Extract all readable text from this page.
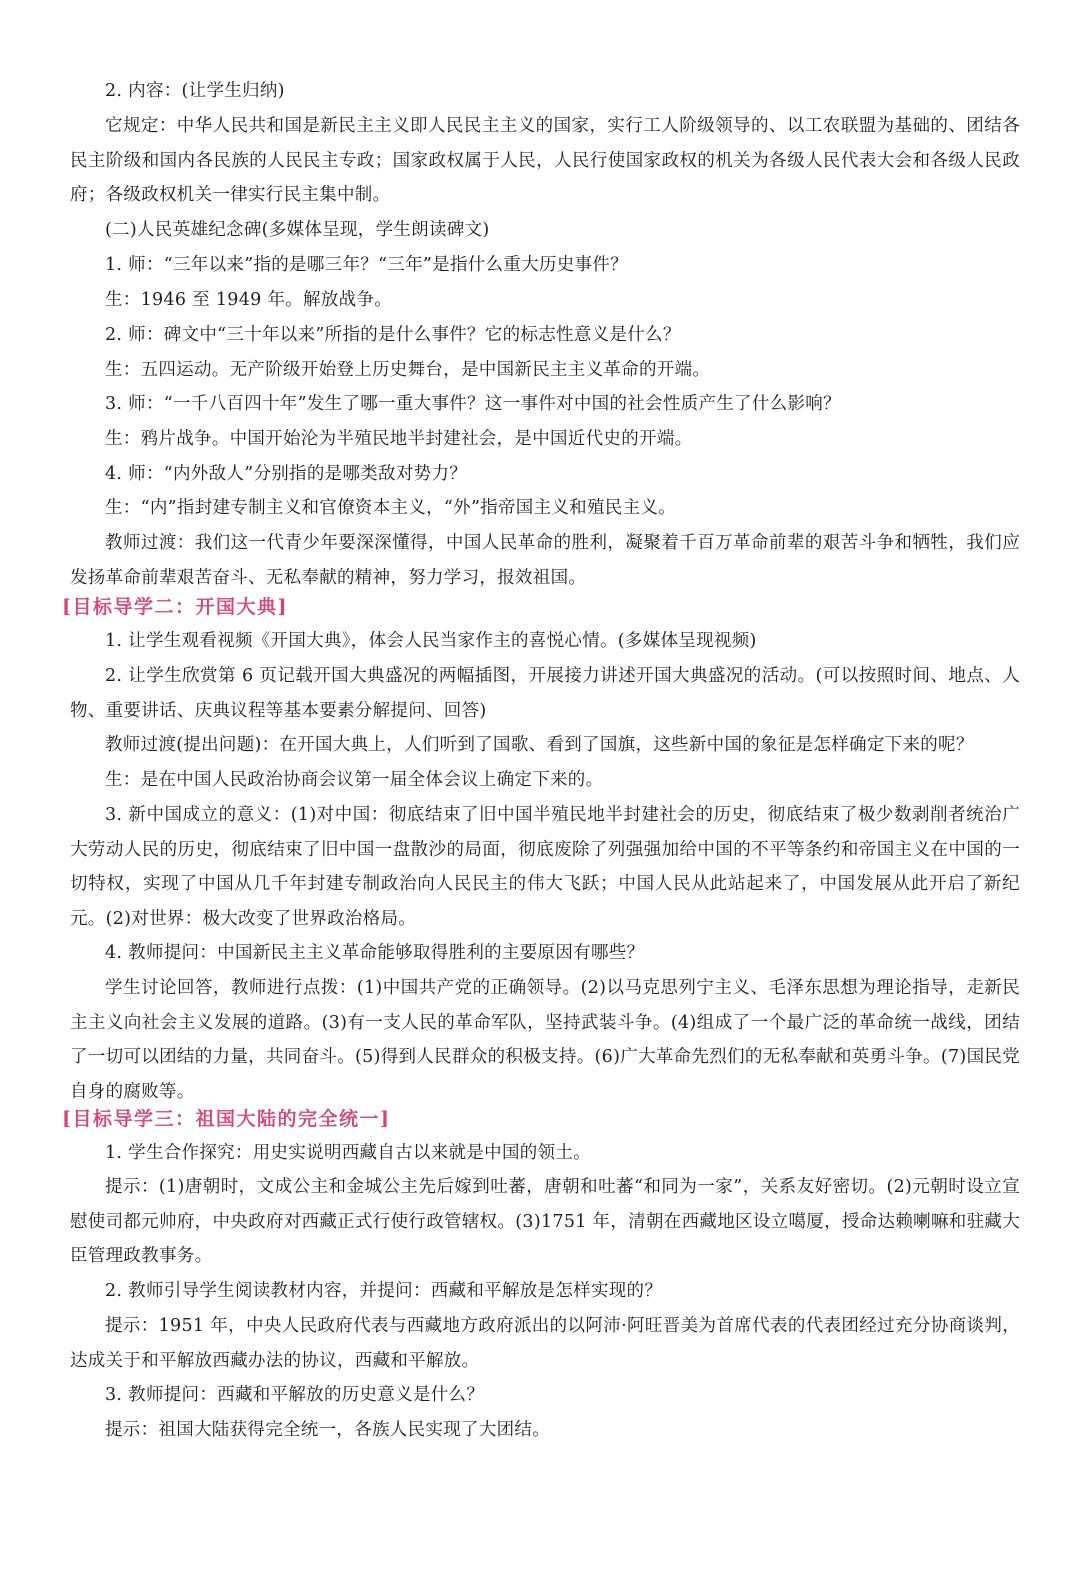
2. 内容：(让学生归纳)

它规定：中华人民共和国是新民主主义即人民民主主义的国家，实行工人阶级领导的、以工农联盟为基础的、团结各民主阶级和国内各民族的人民民主专政；国家政权属于人民，人民行使国家政权的机关为各级人民代表大会和各级人民政府；各级政权机关一律实行民主集中制。

(二)人民英雄纪念碑(多媒体呈现，学生朗读碑文)

1. 师：“三年以来”指的是哪三年？“三年”是指什么重大历史事件？

生：1946 至 1949 年。解放战争。

2. 师：碑文中“三十年以来”所指的是什么事件？它的标志性意义是什么？

生：五四运动。无产阶级开始登上历史舞台，是中国新民主主义革命的开端。

3. 师：“一千八百四十年”发生了哪一重大事件？这一事件对中国的社会性质产生了什么影响？

生：鸦片战争。中国开始沦为半殖民地半封建社会，是中国近代史的开端。

4. 师：“内外敌人”分别指的是哪类敌对势力？

生：“内”指封建专制主义和官僚资本主义，“外”指帝国主义和殖民主义。

教师过渡：我们这一代青少年要深深懂得，中国人民革命的胜利，凝聚着千百万革命前辈的艰苦斗争和牺牲，我们应发扬革命前辈艰苦奋斗、无私奉献的精神，努力学习，报效祖国。

[目标导学二：开国大典]

1. 让学生观看视频《开国大典》，体会人民当家作主的喜悦心情。(多媒体呈现视频)

2. 让学生欣赏第 6 页记载开国大典盛况的两幅插图，开展接力讲述开国大典盛况的活动。(可以按照时间、地点、人物、重要讲话、庆典议程等基本要素分解提问、回答)

教师过渡(提出问题)：在开国大典上，人们听到了国歌、看到了国旗，这些新中国的象征是怎样确定下来的呢？

生：是在中国人民政治协商会议第一届全体会议上确定下来的。

3. 新中国成立的意义：(1)对中国：彻底结束了旧中国半殖民地半封建社会的历史，彻底结束了极少数剥削者统治广大劳动人民的历史，彻底结束了旧中国一盘散沙的局面，彻底废除了列强强加给中国的不平等条约和帝国主义在中国的一切特权，实现了中国从几千年封建专制政治向人民民主的伟大飞跃；中国人民从此站起来了，中国发展从此开启了新纪元。(2)对世界：极大改变了世界政治格局。

4. 教师提问：中国新民主主义革命能够取得胜利的主要原因有哪些？

学生讨论回答，教师进行点拨：(1)中国共产党的正确领导。(2)以马克思列宁主义、毛泽东思想为理论指导，走新民主主义向社会主义发展的道路。(3)有一支人民的革命军队，坚持武装斗争。(4)组成了一个最广泛的革命统一战线，团结了一切可以团结的力量，共同奋斗。(5)得到人民群众的积极支持。(6)广大革命先烈们的无私奉献和英勇斗争。(7)国民党自身的腐败等。

[目标导学三：祖国大陆的完全统一]

1. 学生合作探究：用史实说明西藏自古以来就是中国的领土。

提示：(1)唐朝时，文成公主和金城公主先后嫁到吐蕃，唐朝和吐蕃“和同为一家”，关系友好密切。(2)元朝时设立宣慰使司都元帅府，中央政府对西藏正式行使行政管辖权。(3)1751 年，清朝在西藏地区设立噶厦，授命达赖喇嘛和驻藏大臣管理政教事务。

2. 教师引导学生阅读教材内容，并提问：西藏和平解放是怎样实现的？

提示：1951 年，中央人民政府代表与西藏地方政府派出的以阿沛·阿旺晋美为首席代表的代表团经过充分协商谈判，达成关于和平解放西藏办法的协议，西藏和平解放。

3. 教师提问：西藏和平解放的历史意义是什么？

提示：祖国大陆获得完全统一，各族人民实现了大团结。
